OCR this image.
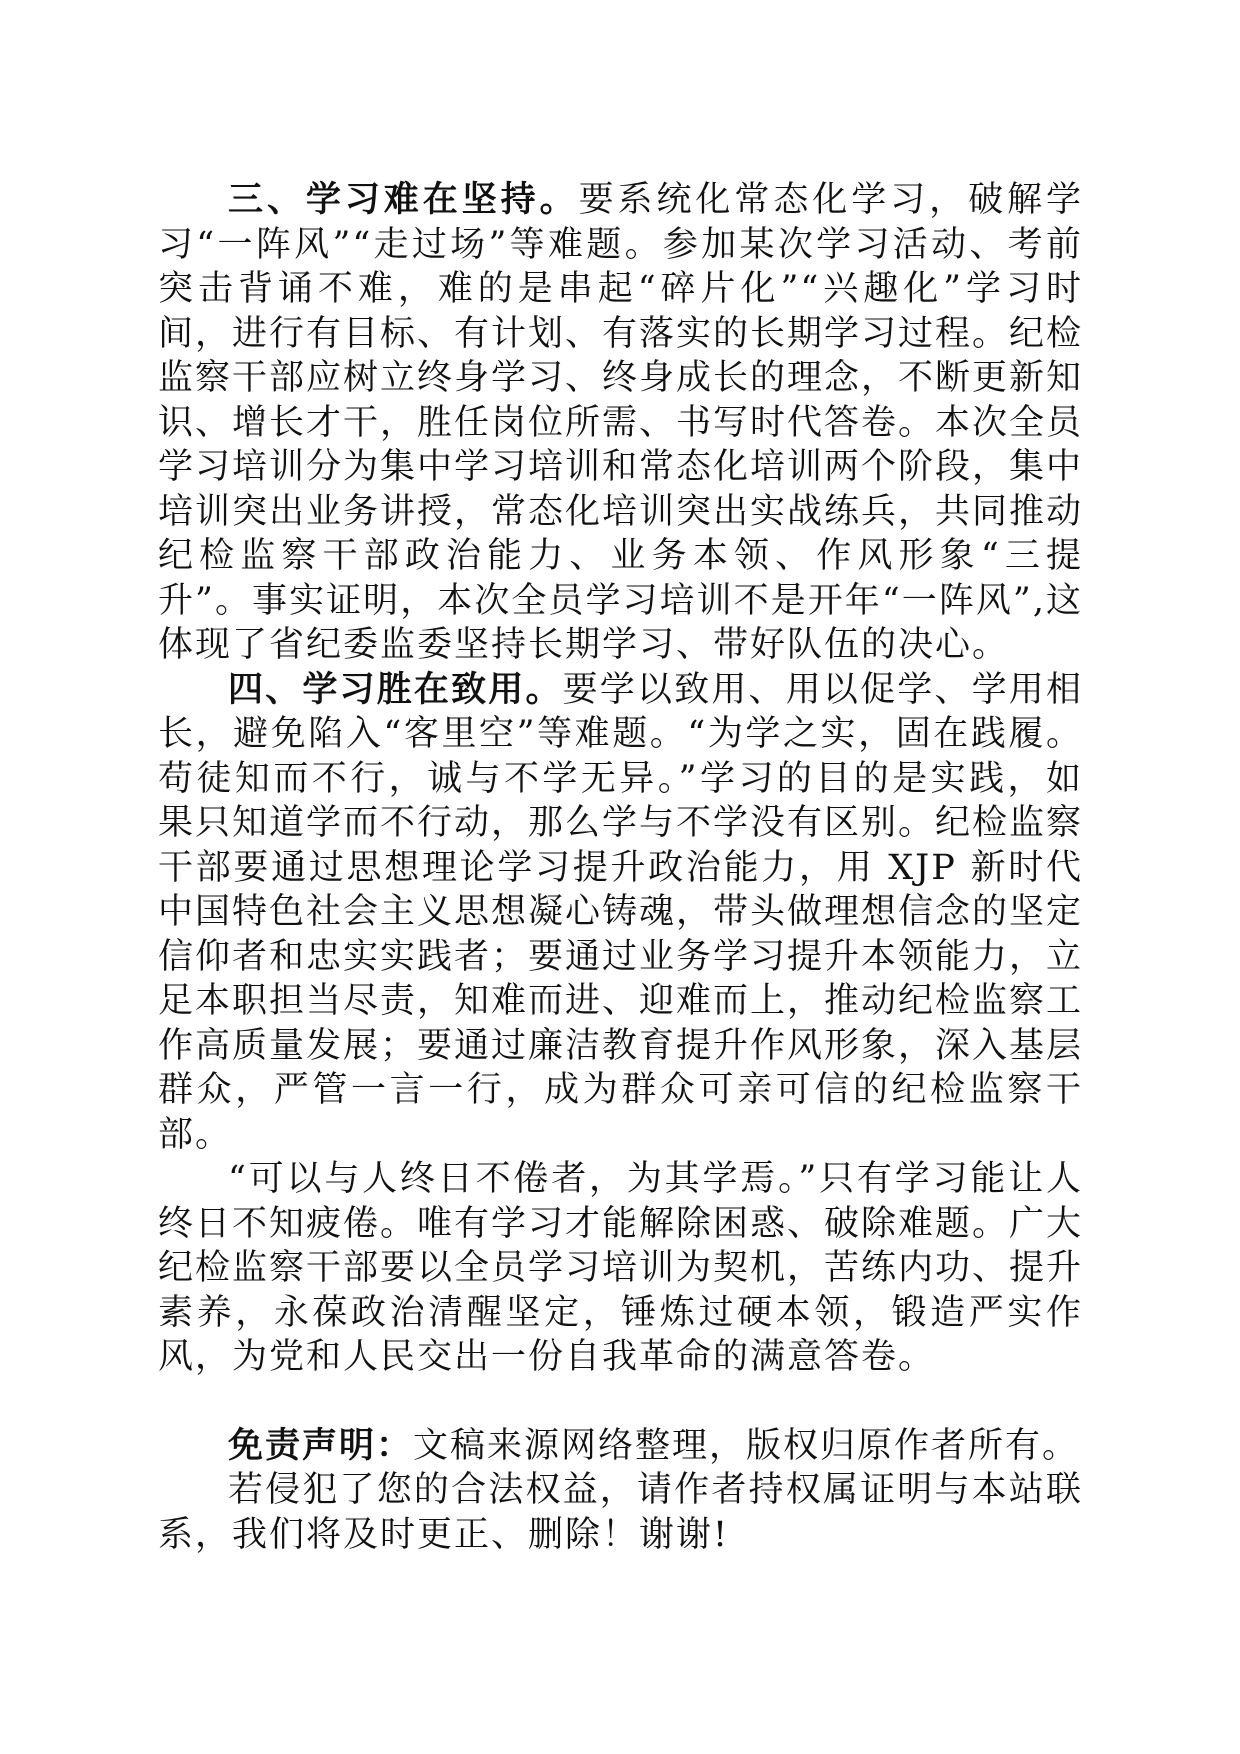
三、学习难在坚持。要系统化常态化学习，破解学习“一阵风”“走过场”等难题。参加某次学习活动、考前突击背诵不难，难的是串起“碎片化”“兴趣化”学习时间，进行有目标、有计划、有落实的长期学习过程。纪检监察干部应树立终身学习、终身成长的理念，不断更新知识、增长才干，胜任岗位所需、书写时代答卷。本次全员学习培训分为集中学习培训和常态化培训两个阶段，集中培训突出业务讲授，常态化培训突出实战练兵，共同推动纪检监察干部政治能力、业务本领、作风形象“三提升”。事实证明，本次全员学习培训不是开年“一阵风”,这体现了省纪委监委坚持长期学习、带好队伍的决心。

四、学习胜在致用。要学以致用、用以促学、学用相长，避免陷入“客里空”等难题。“为学之实，固在践履。苟徒知而不行，诚与不学无异。”学习的目的是实践，如果只知道学而不行动，那么学与不学没有区别。纪检监察干部要通过思想理论学习提升政治能力，用 XJP 新时代中国特色社会主义思想凝心铸魂，带头做理想信念的坚定信仰者和忠实实践者；要通过业务学习提升本领能力，立足本职担当尽责，知难而进、迎难而上，推动纪检监察工作高质量发展；要通过廉洁教育提升作风形象，深入基层群众，严管一言一行，成为群众可亲可信的纪检监察干部。

“可以与人终日不倦者，为其学焉。”只有学习能让人终日不知疲倦。唯有学习才能解除困惑、破除难题。广大纪检监察干部要以全员学习培训为契机，苦练内功、提升素养，永葆政治清醒坚定，锤炼过硬本领，锻造严实作风，为党和人民交出一份自我革命的满意答卷。

免责声明：文稿来源网络整理，版权归原作者所有。

若侵犯了您的合法权益，请作者持权属证明与本站联系，我们将及时更正、删除！谢谢!
